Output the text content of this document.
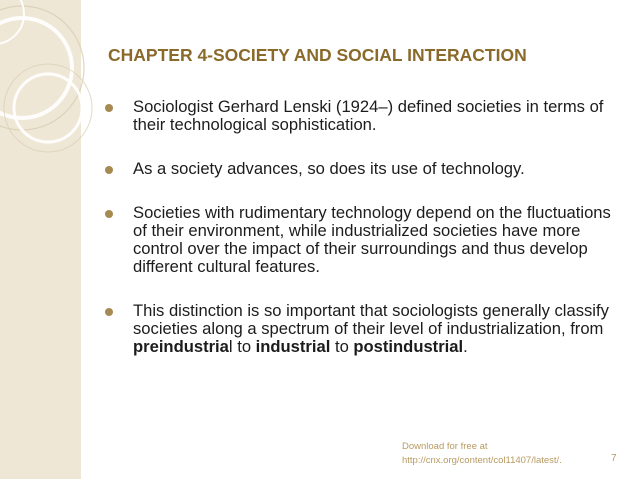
CHAPTER 4-SOCIETY AND SOCIAL INTERACTION
Sociologist Gerhard Lenski (1924–) defined societies in terms of their technological sophistication.
As a society advances, so does its use of technology.
Societies with rudimentary technology depend on the fluctuations of their environment, while industrialized societies have more control over the impact of their surroundings and thus develop different cultural features.
This distinction is so important that sociologists generally classify societies along a spectrum of their level of industrialization, from preindustrial to industrial to postindustrial.
Download for free at
http://cnx.org/content/col11407/latest/.	7
